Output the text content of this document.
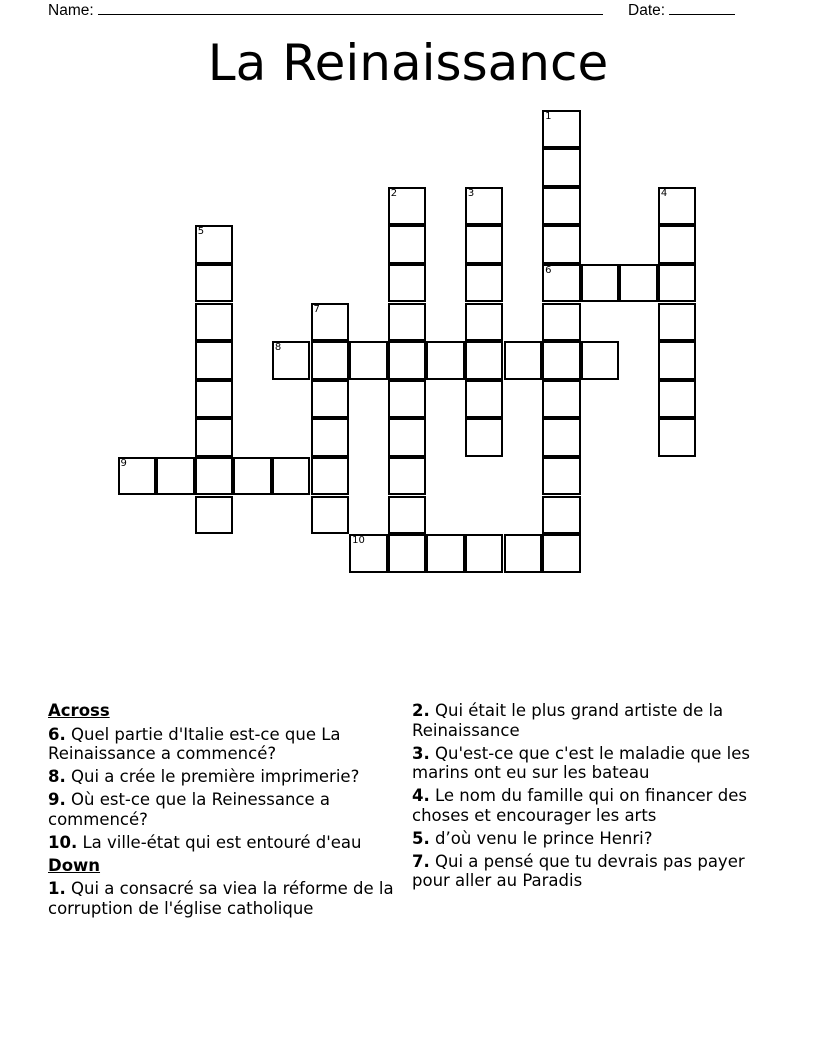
Name:	Date:
La Reinaissance
1
6
2	3	4
5
7
8
9
10
Across
6. Quel partie d'Italie est-ce que La Reinaissance a commencé?
8. Qui a crée le première imprimerie?
9. Où est-ce que la Reinessance a commencé?
10. La ville-état qui est entouré d'eau
Down
1. Qui a consacré sa viea la réforme de la corruption de l'église catholique
2. Qui était le plus grand artiste de la Reinaissance
3. Qu'est-ce que c'est le maladie que les marins ont eu sur les bateau
4. Le nom du famille qui on financer des choses et encourager les arts
5. d’où venu le prince Henri?
7. Qui a pensé que tu devrais pas payer pour aller au Paradis
